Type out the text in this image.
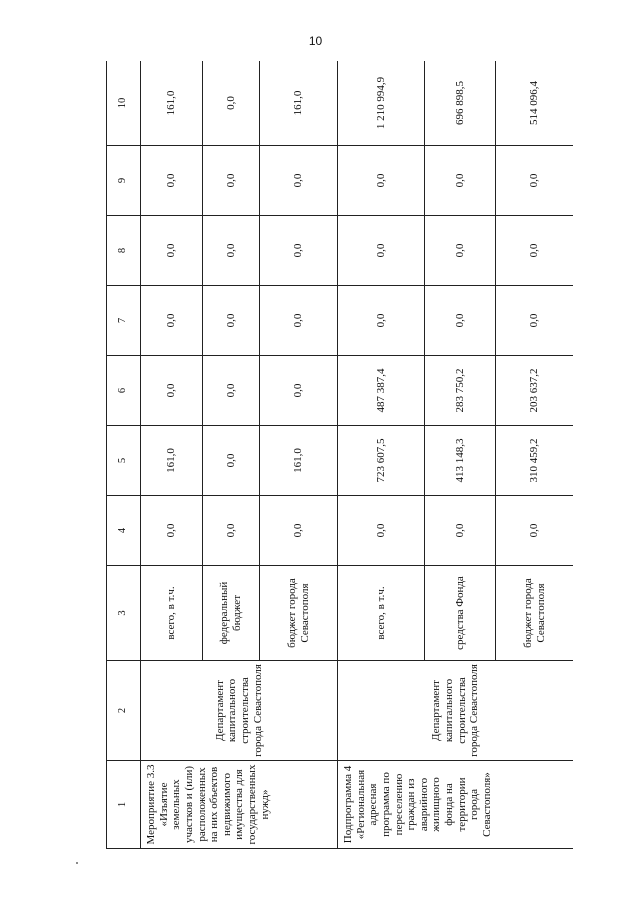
10
1	2	3	4	5	6	7	8	9	10
Мероприятие 3.3 «Изъятие земельных участков и (или) расположенных на них объектов недвижимого имущества для государственных нужд»	Департамент капитального строительства города Севастополя	всего, в т.ч.	0,0	161,0	0,0	0,0	0,0	0,0	161,0
		федеральный бюджет	0,0	0,0	0,0	0,0	0,0	0,0	0,0
		бюджет города Севастополя	0,0	161,0	0,0	0,0	0,0	0,0	161,0
Подпрограмма 4 «Региональная адресная программа по переселению граждан из аварийного жилищного фонда на территории города Севастополя»	Департамент капитального строительства города Севастополя	всего, в т.ч.	0,0	723 607,5	487 387,4	0,0	0,0	0,0	1 210 994,9
		средства Фонда	0,0	413 148,3	283 750,2	0,0	0,0	0,0	696 898,5
		бюджет города Севастополя	0,0	310 459,2	203 637,2	0,0	0,0	0,0	514 096,4
